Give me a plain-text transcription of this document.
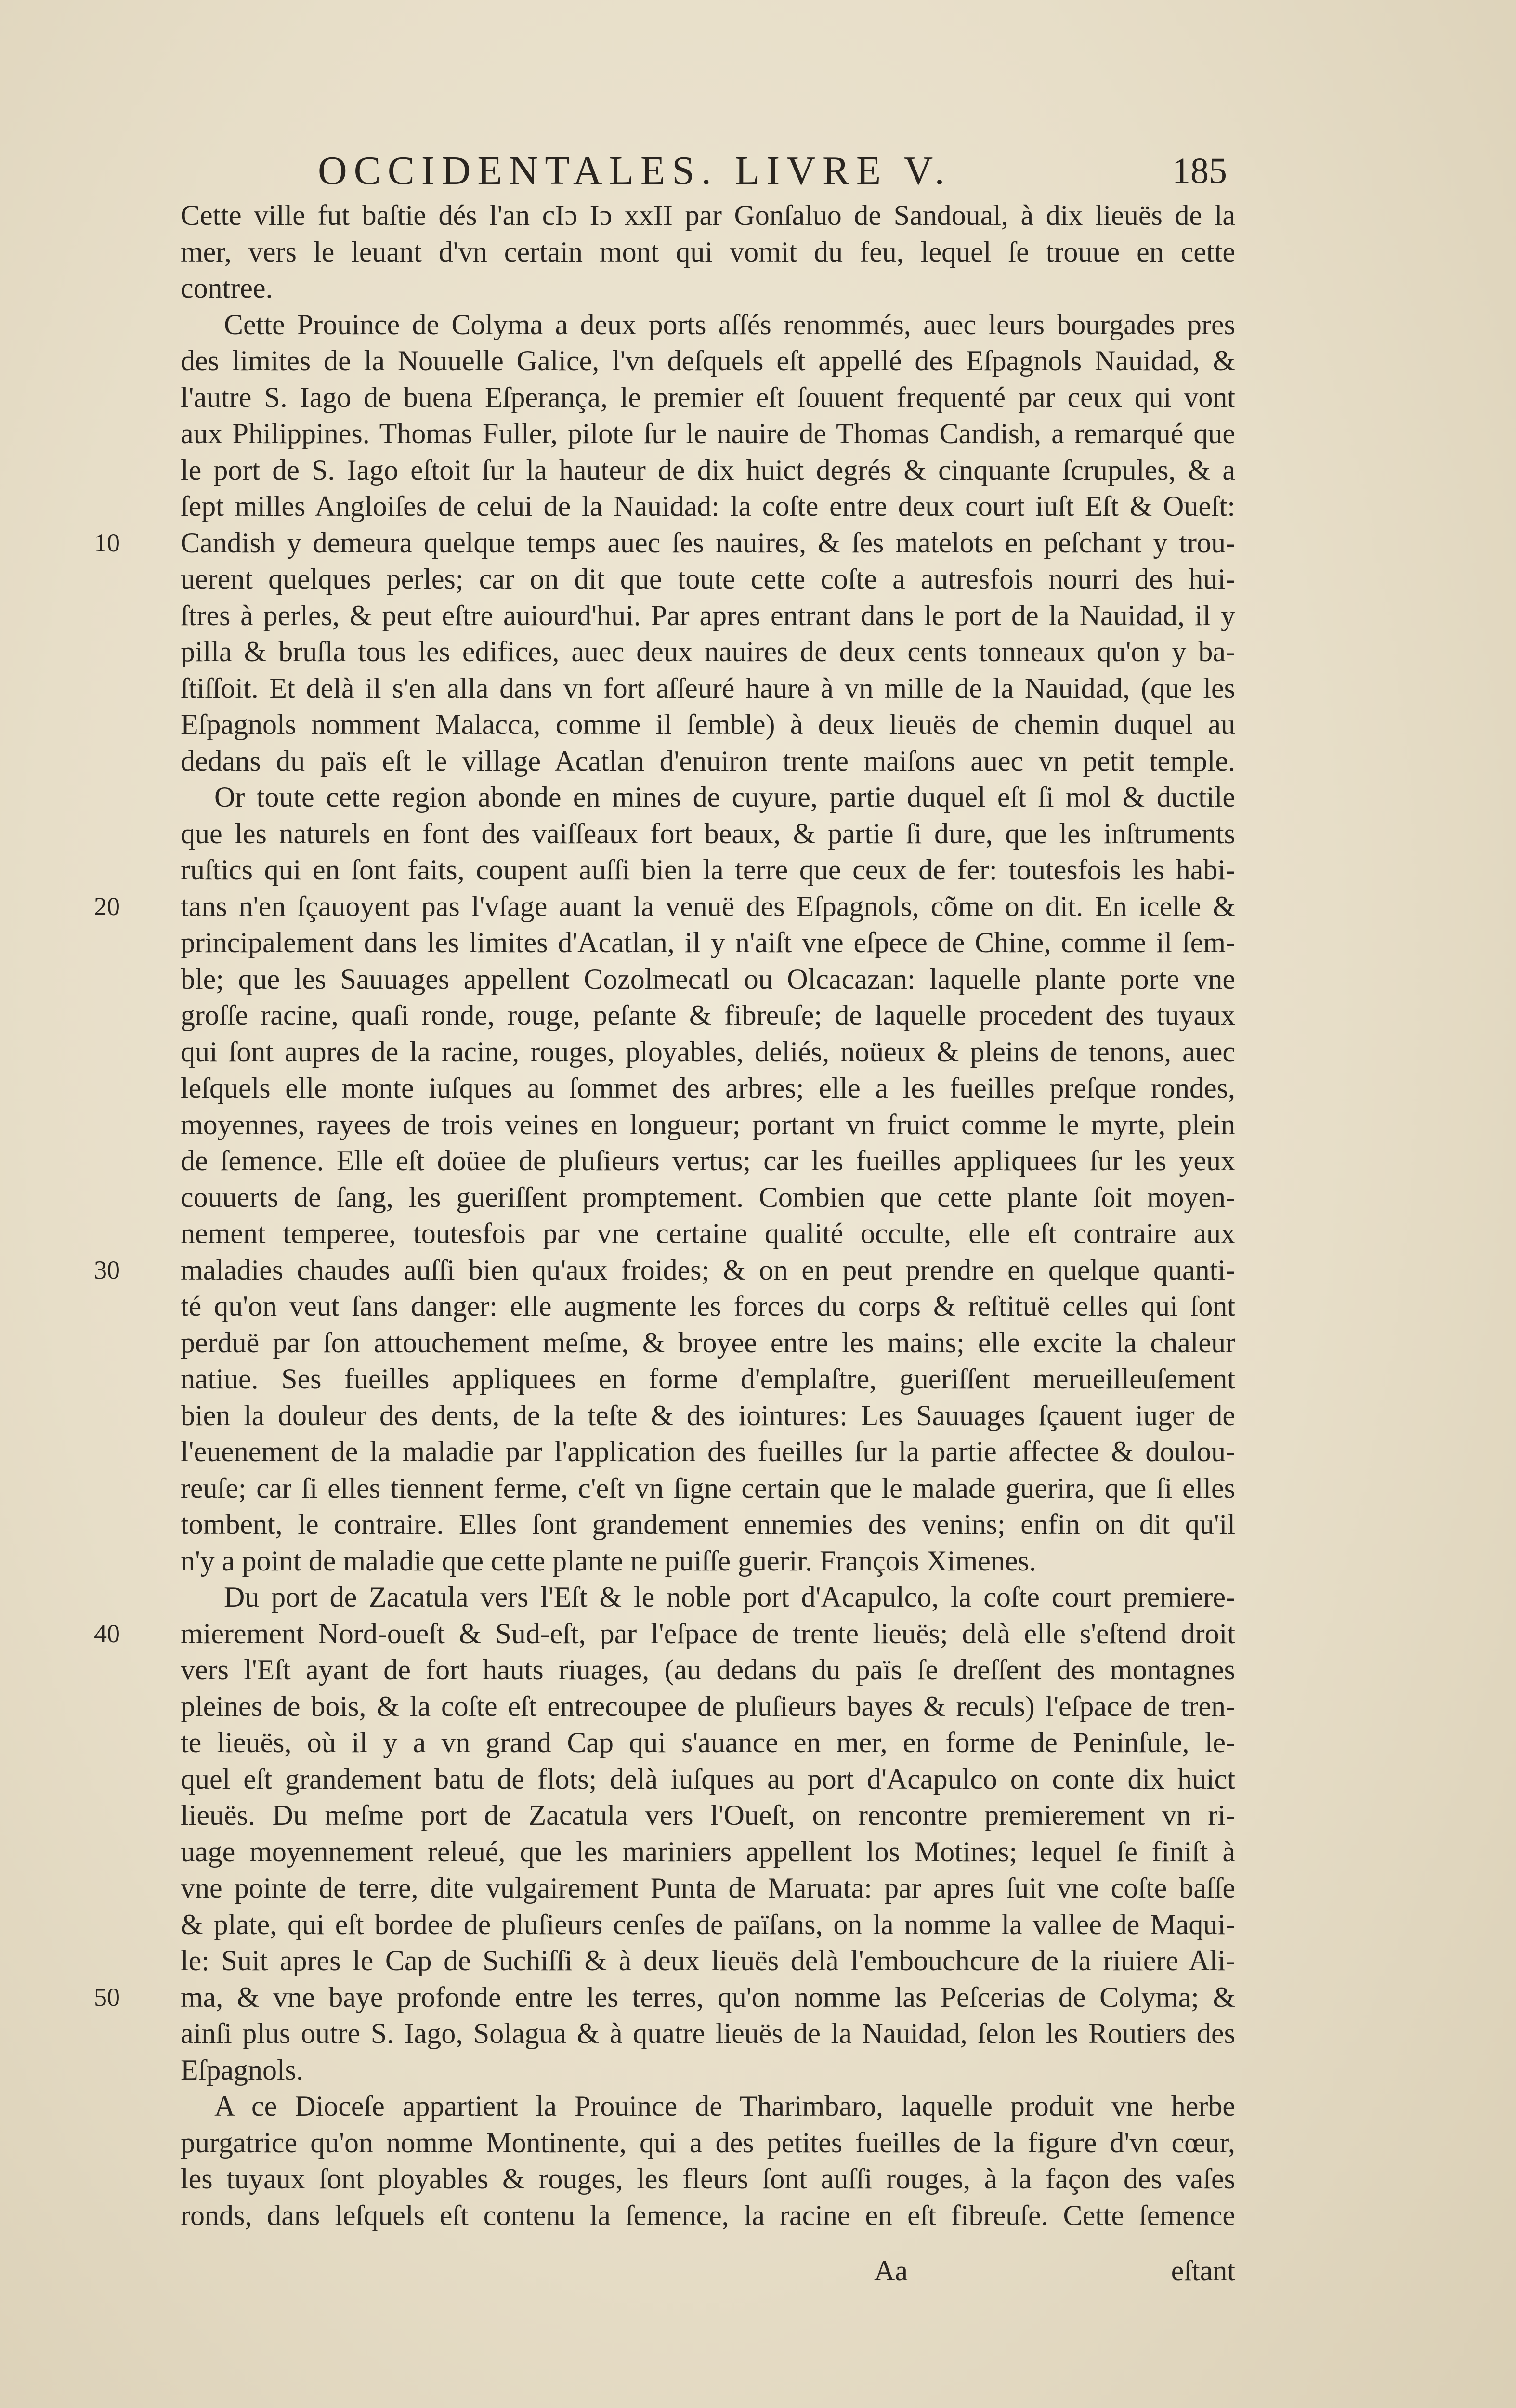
OCCIDENTALES. LIVRE V.	185
Cette ville fut baſtie dés l'an cIɔ Iɔ xxII par Gonſaluo de Sandoual, à dix lieuës de la
mer, vers le leuant d'vn certain mont qui vomit du feu, lequel ſe trouue en cette
contree.
Cette Prouince de Colyma a deux ports aſſés renommés, auec leurs bourgades pres
des limites de la Nouuelle Galice, l'vn deſquels eſt appellé des Eſpagnols Nauidad, &
l'autre S. Iago de buena Eſperança, le premier eſt ſouuent frequenté par ceux qui vont
aux Philippines. Thomas Fuller, pilote ſur le nauire de Thomas Candish, a remarqué que
le port de S. Iago eſtoit ſur la hauteur de dix huict degrés & cinquante ſcrupules, & a
ſept milles Angloiſes de celui de la Nauidad: la coſte entre deux court iuſt Eſt & Oueſt:
10	Candish y demeura quelque temps auec ſes nauires, & ſes matelots en peſchant y trou-
uerent quelques perles; car on dit que toute cette coſte a autresfois nourri des hui-
ſtres à perles, & peut eſtre auiourd'hui. Par apres entrant dans le port de la Nauidad, il y
pilla & bruſla tous les edifices, auec deux nauires de deux cents tonneaux qu'on y ba-
ſtiſſoit. Et delà il s'en alla dans vn fort aſſeuré haure à vn mille de la Nauidad, (que les
Eſpagnols nomment Malacca, comme il ſemble) à deux lieuës de chemin duquel au
dedans du païs eſt le village Acatlan d'enuiron trente maiſons auec vn petit temple.
Or toute cette region abonde en mines de cuyure, partie duquel eſt ſi mol & ductile
que les naturels en font des vaiſſeaux fort beaux, & partie ſi dure, que les inſtruments
ruſtics qui en ſont faits, coupent auſſi bien la terre que ceux de fer: toutesfois les habi-
20	tans n'en ſçauoyent pas l'vſage auant la venuë des Eſpagnols, cõme on dit. En icelle &
principalement dans les limites d'Acatlan, il y n'aiſt vne eſpece de Chine, comme il ſem-
ble; que les Sauuages appellent Cozolmecatl ou Olcacazan: laquelle plante porte vne
groſſe racine, quaſi ronde, rouge, peſante & fibreuſe; de laquelle procedent des tuyaux
qui ſont aupres de la racine, rouges, ployables, deliés, noüeux & pleins de tenons, auec
leſquels elle monte iuſques au ſommet des arbres; elle a les fueilles preſque rondes,
moyennes, rayees de trois veines en longueur; portant vn fruict comme le myrte, plein
de ſemence. Elle eſt doüee de pluſieurs vertus; car les fueilles appliquees ſur les yeux
couuerts de ſang, les gueriſſent promptement. Combien que cette plante ſoit moyen-
nement temperee, toutesfois par vne certaine qualité occulte, elle eſt contraire aux
30	maladies chaudes auſſi bien qu'aux froides; & on en peut prendre en quelque quanti-
té qu'on veut ſans danger: elle augmente les forces du corps & reſtituë celles qui ſont
perduë par ſon attouchement meſme, & broyee entre les mains; elle excite la chaleur
natiue. Ses fueilles appliquees en forme d'emplaſtre, gueriſſent merueilleuſement
bien la douleur des dents, de la teſte & des iointures: Les Sauuages ſçauent iuger de
l'euenement de la maladie par l'application des fueilles ſur la partie affectee & doulou-
reuſe; car ſi elles tiennent ferme, c'eſt vn ſigne certain que le malade guerira, que ſi elles
tombent, le contraire. Elles ſont grandement ennemies des venins; enfin on dit qu'il
n'y a point de maladie que cette plante ne puiſſe guerir. François Ximenes.
Du port de Zacatula vers l'Eſt & le noble port d'Acapulco, la coſte court premiere-
40	mierement Nord-oueſt & Sud-eſt, par l'eſpace de trente lieuës; delà elle s'eſtend droit
vers l'Eſt ayant de fort hauts riuages, (au dedans du païs ſe dreſſent des montagnes
pleines de bois, & la coſte eſt entrecoupee de pluſieurs bayes & reculs) l'eſpace de tren-
te lieuës, où il y a vn grand Cap qui s'auance en mer, en forme de Peninſule, le-
quel eſt grandement batu de flots; delà iuſques au port d'Acapulco on conte dix huict
lieuës. Du meſme port de Zacatula vers l'Oueſt, on rencontre premierement vn ri-
uage moyennement releué, que les mariniers appellent los Motines; lequel ſe finiſt à
vne pointe de terre, dite vulgairement Punta de Maruata: par apres ſuit vne coſte baſſe
& plate, qui eſt bordee de pluſieurs cenſes de païſans, on la nomme la vallee de Maqui-
le: Suit apres le Cap de Suchiſſi & à deux lieuës delà l'embouchcure de la riuiere Ali-
50	ma, & vne baye profonde entre les terres, qu'on nomme las Peſcerias de Colyma; &
ainſi plus outre S. Iago, Solagua & à quatre lieuës de la Nauidad, ſelon les Routiers des
Eſpagnols.
A ce Dioceſe appartient la Prouince de Tharimbaro, laquelle produit vne herbe
purgatrice qu'on nomme Montinente, qui a des petites fueilles de la figure d'vn cœur,
les tuyaux ſont ployables & rouges, les fleurs ſont auſſi rouges, à la façon des vaſes
ronds, dans leſquels eſt contenu la ſemence, la racine en eſt fibreuſe. Cette ſemence
Aa	eſtant
